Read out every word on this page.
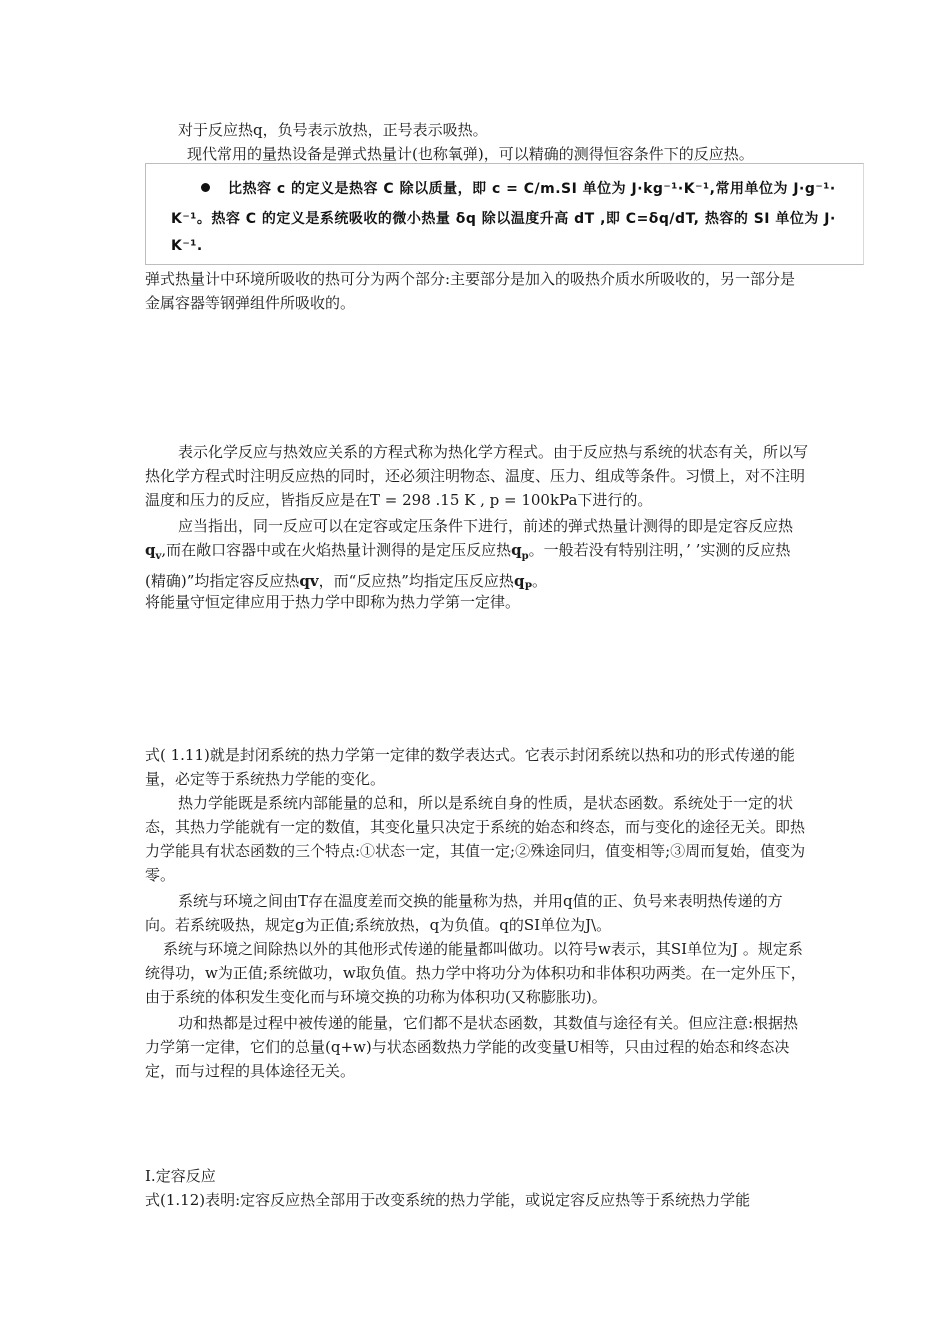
对于反应热q，负号表示放热，正号表示吸热。
现代常用的量热设备是弹式热量计(也称氧弹)，可以精确的测得恒容条件下的反应热。
比热容 c 的定义是热容 C 除以质量，即 c = C/m.SI 单位为 J·kg⁻¹·K⁻¹,常用单位为 J·g⁻¹·
K⁻¹。热容 C 的定义是系统吸收的微小热量 δq 除以温度升高 dT ,即 C=δq/dT, 热容的 SI 单位为 J·
K⁻¹.
弹式热量计中环境所吸收的热可分为两个部分:主要部分是加入的吸热介质水所吸收的，另一部分是金属容器等钢弹组件所吸收的。
表示化学反应与热效应关系的方程式称为热化学方程式。由于反应热与系统的状态有关，所以写热化学方程式时注明反应热的同时，还必须注明物态、温度、压力、组成等条件。习惯上，对不注明温度和压力的反应，皆指反应是在T = 298 .15 K , p = 100kPa下进行的。
应当指出，同一反应可以在定容或定压条件下进行，前述的弹式热量计测得的即是定容反应热$q_v$,而在敞口容器中或在火焰热量计测得的是定压反应热$q_p$。一般若没有特别注明，’ ’实测的反应热(精确)”均指定容反应热qv，而“反应热”均指定压反应热$q_P$。
将能量守恒定律应用于热力学中即称为热力学第一定律。
式( 1.11)就是封闭系统的热力学第一定律的数学表达式。它表示封闭系统以热和功的形式传递的能量，必定等于系统热力学能的变化。
热力学能既是系统内部能量的总和，所以是系统自身的性质，是状态函数。系统处于一定的状态，其热力学能就有一定的数值，其变化量只决定于系统的始态和终态，而与变化的途径无关。即热力学能具有状态函数的三个特点:①状态一定，其值一定;②殊途同归，值变相等;③周而复始，值变为零。
系统与环境之间由T存在温度差而交换的能量称为热，并用q值的正、负号来表明热传递的方向。若系统吸热，规定g为正值;系统放热，q为负值。q的SI单位为J\。
系统与环境之间除热以外的其他形式传递的能量都叫做功。以符号w表示，其SI单位为J 。规定系统得功，w为正值;系统做功，w取负值。热力学中将功分为体积功和非体积功两类。在一定外压下，由于系统的体积发生变化而与环境交换的功称为体积功(又称膨胀功)。
功和热都是过程中被传递的能量，它们都不是状态函数，其数值与途径有关。但应注意:根据热力学第一定律，它们的总量(q+w)与状态函数热力学能的改变量U相等，只由过程的始态和终态决定，而与过程的具体途径无关。
I.定容反应
式(1.12)表明:定容反应热全部用于改变系统的热力学能，或说定容反应热等于系统热力学能
